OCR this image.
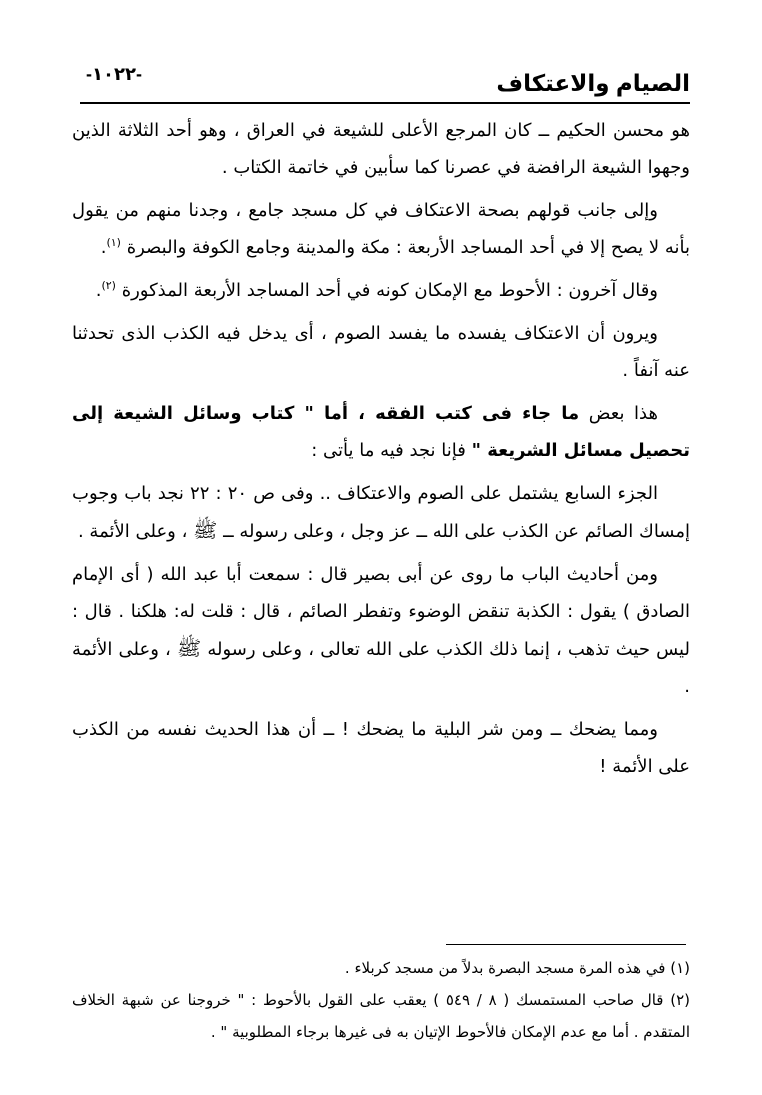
الصيام والاعتكاف
-١٠٢٢-

هو محسن الحكيم ــ كان المرجع الأعلى للشيعة في العراق ، وهو أحد الثلاثة الذين وجهوا الشيعة الرافضة في عصرنا كما سأبين في خاتمة الكتاب .

وإلى جانب قولهم بصحة الاعتكاف في كل مسجد جامع ، وجدنا منهم من يقول بأنه لا يصح إلا في أحد المساجد الأربعة : مكة والمدينة وجامع الكوفة والبصرة $^{(١)}$.

وقال آخرون : الأحوط مع الإمكان كونه في أحد المساجد الأربعة المذكورة $^{(٢)}$.

ويرون أن الاعتكاف يفسده ما يفسد الصوم ، أى يدخل فيه الكذب الذى تحدثنا عنه آنفاً .

هذا بعض ما جاء فى كتب الفقه ، أما " كتاب وسائل الشيعة إلى تحصيل مسائل الشريعة " فإنا نجد فيه ما يأتى :

الجزء السابع يشتمل على الصوم والاعتكاف .. وفى ص ٢٠ : ٢٢ نجد باب وجوب إمساك الصائم عن الكذب على الله ــ عز وجل ، وعلى رسوله ــ ﷺ ، وعلى الأئمة .

ومن أحاديث الباب ما روى عن أبى بصير قال : سمعت أبا عبد الله ( أى الإمام الصادق ) يقول : الكذبة تنقض الوضوء وتفطر الصائم ، قال : قلت له: هلكنا . قال : ليس حيث تذهب ، إنما ذلك الكذب على الله تعالى ، وعلى رسوله ﷺ ، وعلى الأئمة .

ومما يضحك ــ ومن شر البلية ما يضحك ! ــ أن هذا الحديث نفسه من الكذب على الأئمة !

(١) في هذه المرة مسجد البصرة بدلاً من مسجد كربلاء .

(٢) قال صاحب المستمسك ( ٨ / ٥٤٩ ) يعقب على القول بالأحوط : " خروجنا عن شبهة الخلاف المتقدم . أما مع عدم الإمكان فالأحوط الإتيان به فى غيرها برجاء المطلوبية " .
